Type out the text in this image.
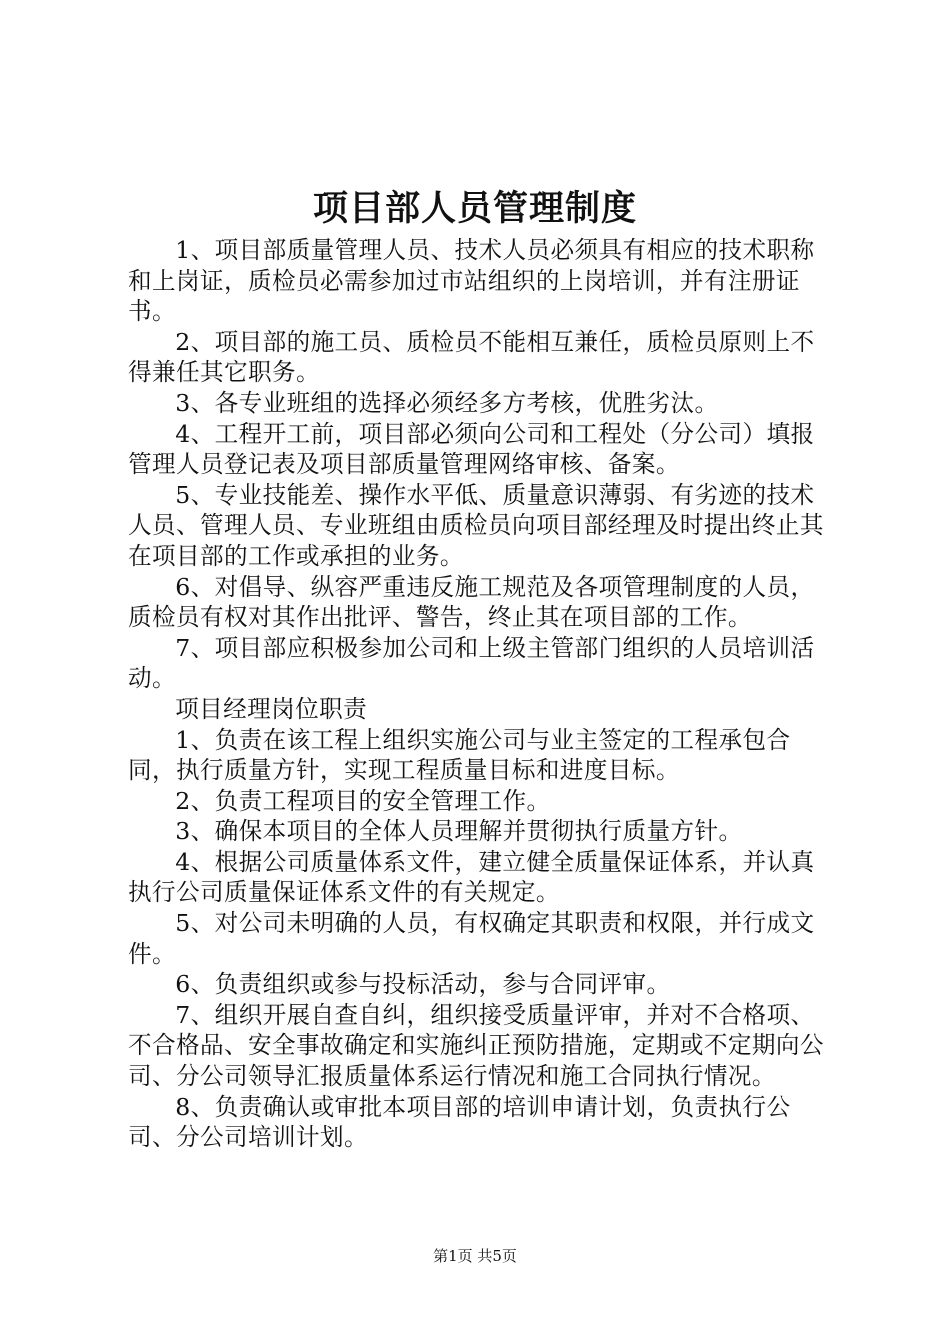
项目部人员管理制度

1、项目部质量管理人员、技术人员必须具有相应的技术职称和上岗证，质检员必需参加过市站组织的上岗培训，并有注册证书。

2、项目部的施工员、质检员不能相互兼任，质检员原则上不得兼任其它职务。

3、各专业班组的选择必须经多方考核，优胜劣汰。

4、工程开工前，项目部必须向公司和工程处（分公司）填报管理人员登记表及项目部质量管理网络审核、备案。

5、专业技能差、操作水平低、质量意识薄弱、有劣迹的技术人员、管理人员、专业班组由质检员向项目部经理及时提出终止其在项目部的工作或承担的业务。

6、对倡导、纵容严重违反施工规范及各项管理制度的人员，质检员有权对其作出批评、警告，终止其在项目部的工作。

7、项目部应积极参加公司和上级主管部门组织的人员培训活动。

项目经理岗位职责

1、负责在该工程上组织实施公司与业主签定的工程承包合同，执行质量方针，实现工程质量目标和进度目标。

2、负责工程项目的安全管理工作。

3、确保本项目的全体人员理解并贯彻执行质量方针。

4、根据公司质量体系文件，建立健全质量保证体系，并认真执行公司质量保证体系文件的有关规定。

5、对公司未明确的人员，有权确定其职责和权限，并行成文件。

6、负责组织或参与投标活动，参与合同评审。

7、组织开展自查自纠，组织接受质量评审，并对不合格项、不合格品、安全事故确定和实施纠正预防措施，定期或不定期向公司、分公司领导汇报质量体系运行情况和施工合同执行情况。

8、负责确认或审批本项目部的培训申请计划，负责执行公司、分公司培训计划。

第1页 共5页
